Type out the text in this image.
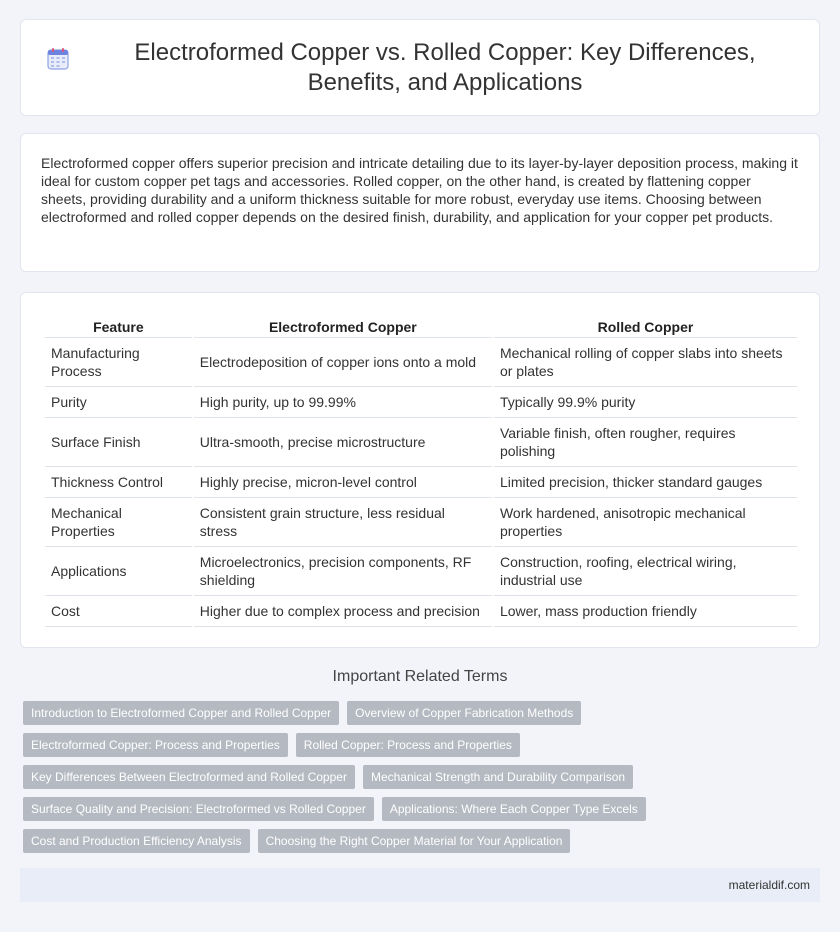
Electroformed Copper vs. Rolled Copper: Key Differences, Benefits, and Applications

Electroformed copper offers superior precision and intricate detailing due to its layer-by-layer deposition process, making it ideal for custom copper pet tags and accessories. Rolled copper, on the other hand, is created by flattening copper sheets, providing durability and a uniform thickness suitable for more robust, everyday use items. Choosing between electroformed and rolled copper depends on the desired finish, durability, and application for your copper pet products.

Feature	Electroformed Copper	Rolled Copper
Manufacturing Process	Electrodeposition of copper ions onto a mold	Mechanical rolling of copper slabs into sheets or plates
Purity	High purity, up to 99.99%	Typically 99.9% purity
Surface Finish	Ultra-smooth, precise microstructure	Variable finish, often rougher, requires polishing
Thickness Control	Highly precise, micron-level control	Limited precision, thicker standard gauges
Mechanical Properties	Consistent grain structure, less residual stress	Work hardened, anisotropic mechanical properties
Applications	Microelectronics, precision components, RF shielding	Construction, roofing, electrical wiring, industrial use
Cost	Higher due to complex process and precision	Lower, mass production friendly
Important Related Terms
Introduction to Electroformed Copper and Rolled Copper	Overview of Copper Fabrication Methods
Electroformed Copper: Process and Properties	Rolled Copper: Process and Properties
Key Differences Between Electroformed and Rolled Copper	Mechanical Strength and Durability Comparison
Surface Quality and Precision: Electroformed vs Rolled Copper	Applications: Where Each Copper Type Excels
Cost and Production Efficiency Analysis	Choosing the Right Copper Material for Your Application
materialdif.com
